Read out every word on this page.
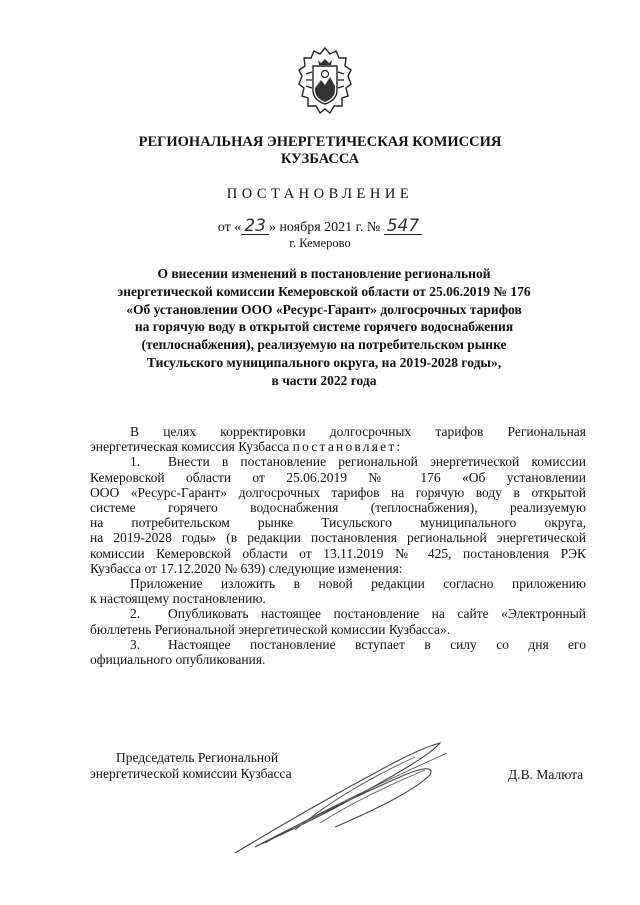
РЕГИОНАЛЬНАЯ ЭНЕРГЕТИЧЕСКАЯ КОМИССИЯ
КУЗБАССА
ПОСТАНОВЛЕНИЕ
от « 23 » ноября 2021 г. № 547
г. Кемерово
О внесении изменений в постановление региональной
энергетической комиссии Кемеровской области от 25.06.2019 № 176
«Об установлении ООО «Ресурс-Гарант» долгосрочных тарифов
на горячую воду в открытой системе горячего водоснабжения
(теплоснабжения), реализуемую на потребительском рынке
Тисульского муниципального округа, на 2019-2028 годы»,
в части 2022 года

В целях корректировки долгосрочных тарифов Региональная

энергетическая комиссия Кузбасса постановляет:

1. Внести в постановление региональной энергетической комиссии

Кемеровской области от 25.06.2019 № 176 «Об установлении

ООО «Ресурс-Гарант» долгосрочных тарифов на горячую воду в открытой

системе горячего водоснабжения (теплоснабжения), реализуемую

на потребительском рынке Тисульского муниципального округа,

на 2019-2028 годы» (в редакции постановления региональной энергетической

комиссии Кемеровской области от 13.11.2019 № 425, постановления РЭК

Кузбасса от 17.12.2020 № 639) следующие изменения:

Приложение изложить в новой редакции согласно приложению

к настоящему постановлению.

2. Опубликовать настоящее постановление на сайте «Электронный

бюллетень Региональной энергетической комиссии Кузбасса».

3. Настоящее постановление вступает в силу со дня его

официального опубликования.

Председатель Региональной
энергетической комиссии Кузбасса	Д.В. Малюта
